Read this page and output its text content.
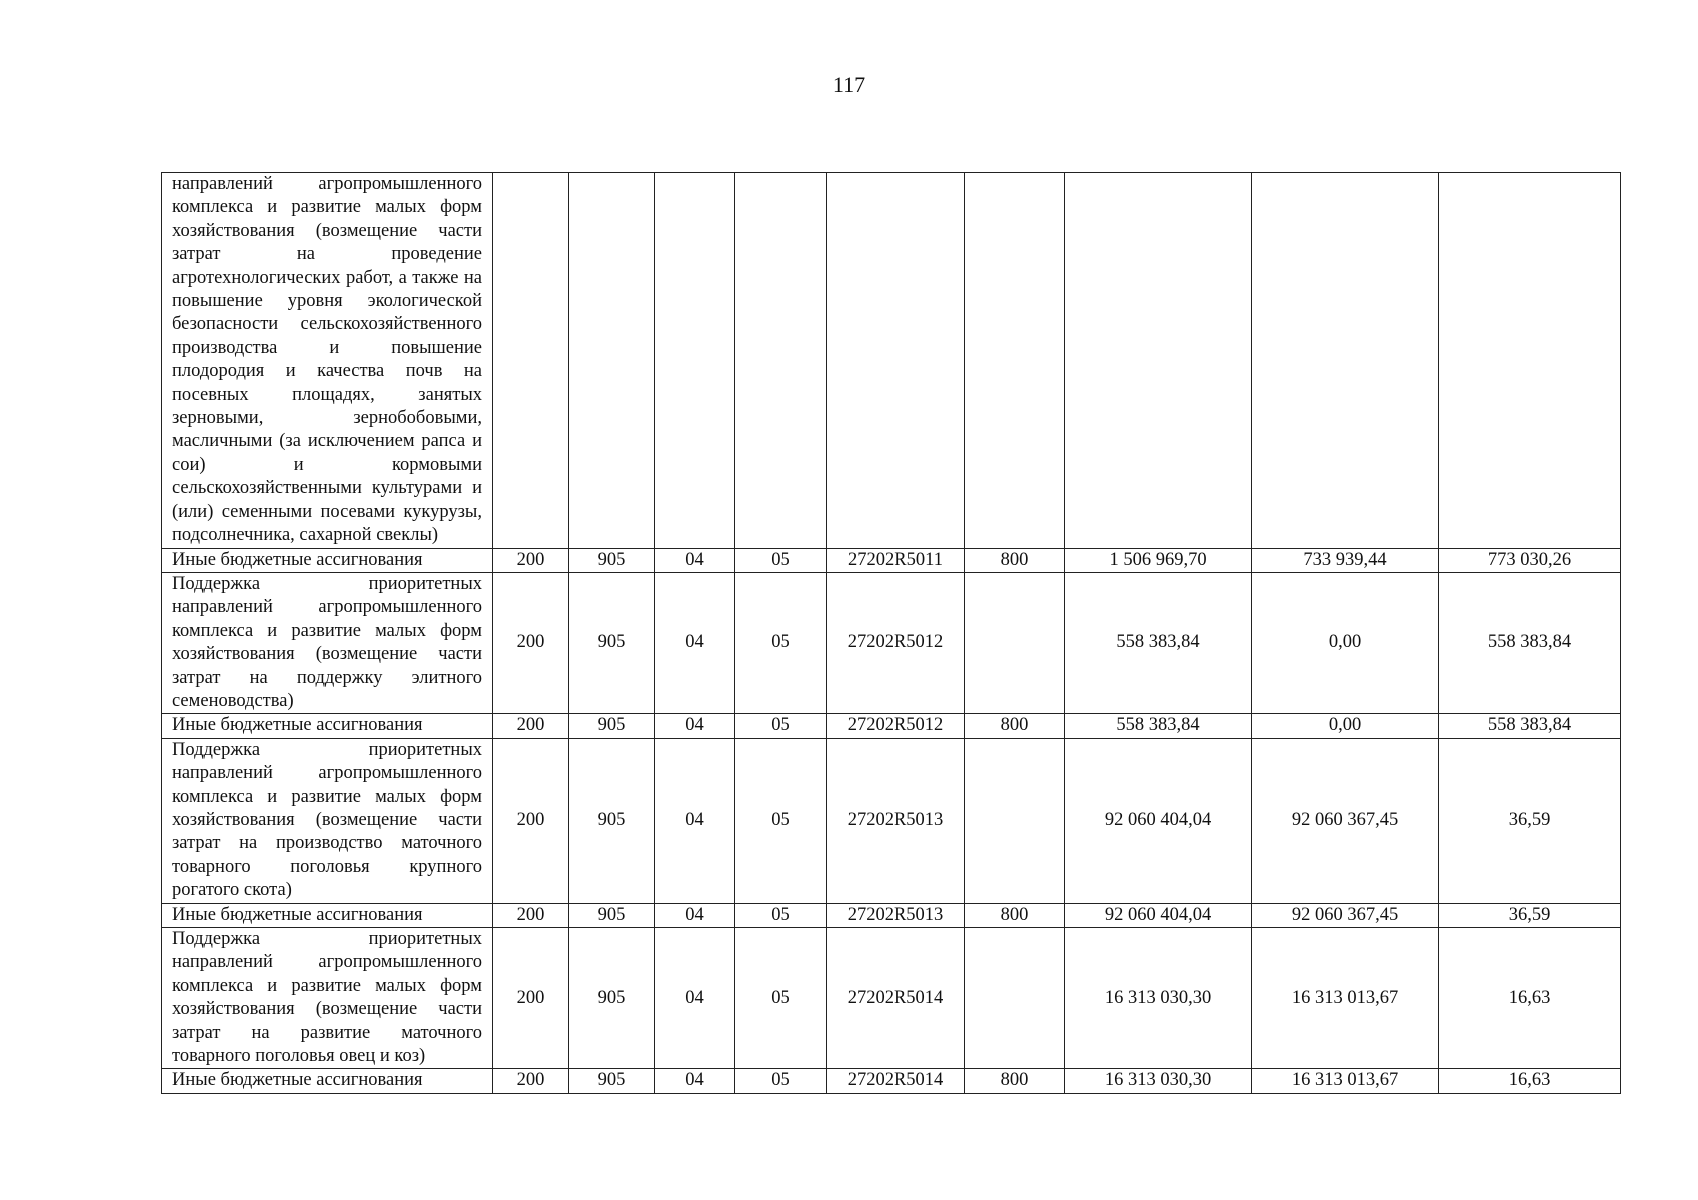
117
направлений агропромышленного комплекса и развитие малых форм хозяйствования (возмещение части затрат на проведение агротехнологических работ, а также на повышение уровня экологической безопасности сельскохозяйственного производства и повышение плодородия и качества почв на посевных площадях, занятых зерновыми, зернобобовыми, масличными (за исключением рапса и сои) и кормовыми сельскохозяйственными культурами и (или) семенными посевами кукурузы, подсолнечника, сахарной свеклы)									
Иные бюджетные ассигнования	200	905	04	05	27202R5011	800	1 506 969,70	733 939,44	773 030,26
Поддержка приоритетных направлений агропромышленного комплекса и развитие малых форм хозяйствования (возмещение части затрат на поддержку элитного семеноводства)	200	905	04	05	27202R5012		558 383,84	0,00	558 383,84
Иные бюджетные ассигнования	200	905	04	05	27202R5012	800	558 383,84	0,00	558 383,84
Поддержка приоритетных направлений агропромышленного комплекса и развитие малых форм хозяйствования (возмещение части затрат на производство маточного товарного поголовья крупного рогатого скота)	200	905	04	05	27202R5013		92 060 404,04	92 060 367,45	36,59
Иные бюджетные ассигнования	200	905	04	05	27202R5013	800	92 060 404,04	92 060 367,45	36,59
Поддержка приоритетных направлений агропромышленного комплекса и развитие малых форм хозяйствования (возмещение части затрат на развитие маточного товарного поголовья овец и коз)	200	905	04	05	27202R5014		16 313 030,30	16 313 013,67	16,63
Иные бюджетные ассигнования	200	905	04	05	27202R5014	800	16 313 030,30	16 313 013,67	16,63
